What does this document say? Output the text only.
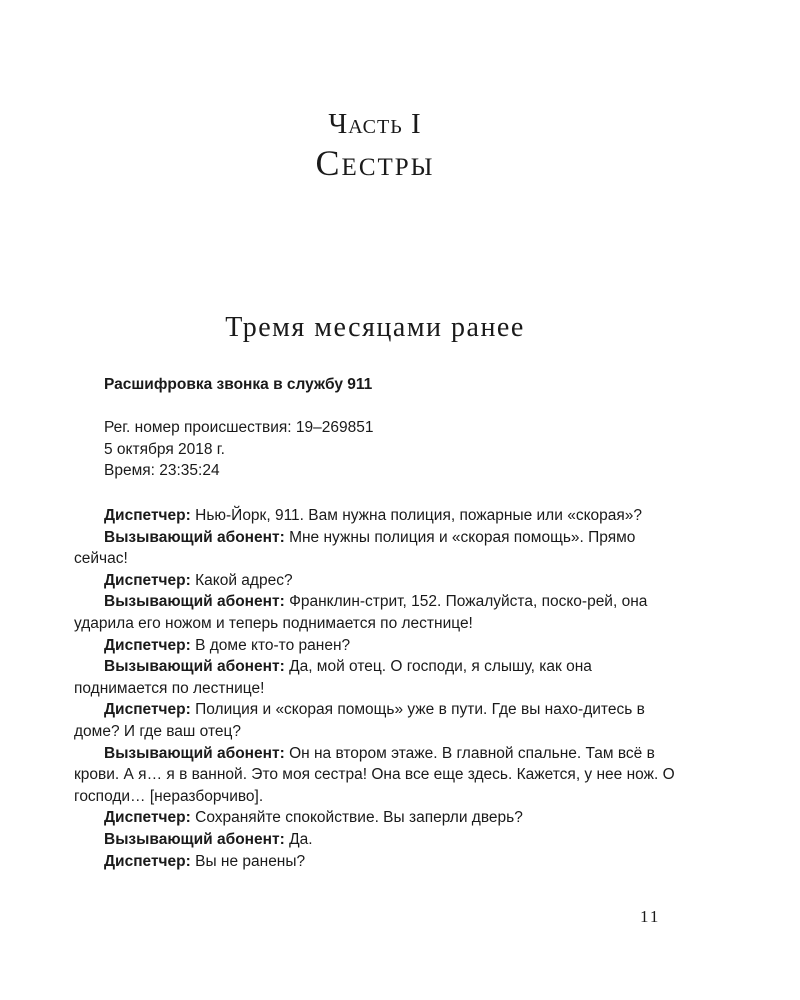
Часть I
Сестры
Тремя месяцами ранее
Расшифровка звонка в службу 911
Рег. номер происшествия: 19–269851
5 октября 2018 г.
Время: 23:35:24

Диспетчер: Нью-Йорк, 911. Вам нужна полиция, пожарные или «скорая»?

Вызывающий абонент: Мне нужны полиция и «скорая помощь». Прямо сейчас!

Диспетчер: Какой адрес?

Вызывающий абонент: Франклин-стрит, 152. Пожалуйста, поско-рей, она ударила его ножом и теперь поднимается по лестнице!

Диспетчер: В доме кто-то ранен?

Вызывающий абонент: Да, мой отец. О господи, я слышу, как она поднимается по лестнице!

Диспетчер: Полиция и «скорая помощь» уже в пути. Где вы нахо-дитесь в доме? И где ваш отец?

Вызывающий абонент: Он на втором этаже. В главной спальне. Там всё в крови. А я… я в ванной. Это моя сестра! Она все еще здесь. Кажется, у нее нож. О господи… [неразборчиво].

Диспетчер: Сохраняйте спокойствие. Вы заперли дверь?

Вызывающий абонент: Да.

Диспетчер: Вы не ранены?

11
